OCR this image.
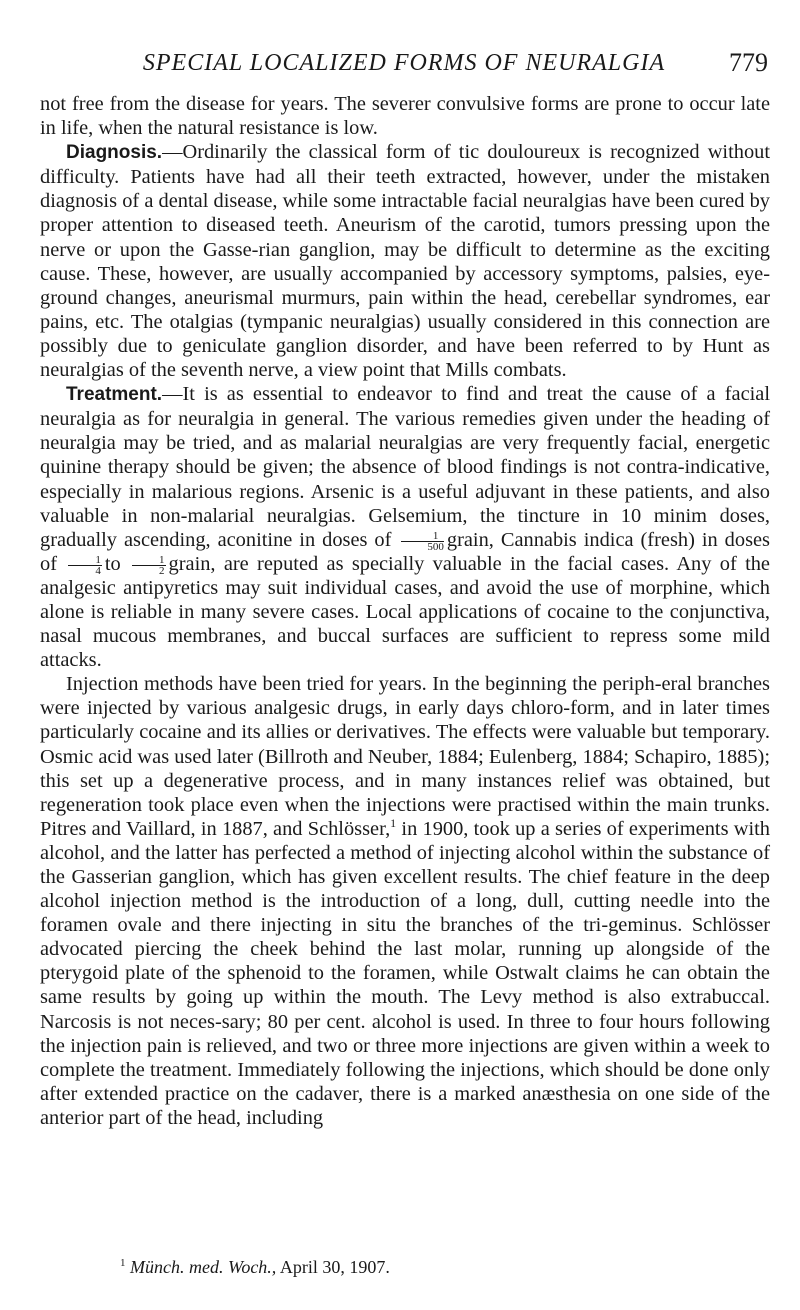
SPECIAL LOCALIZED FORMS OF NEURALGIA	779

not free from the disease for years. The severer convulsive forms are prone to occur late in life, when the natural resistance is low.

Diagnosis.—Ordinarily the classical form of tic douloureux is recognized without difficulty. Patients have had all their teeth extracted, however, under the mistaken diagnosis of a dental disease, while some intractable facial neuralgias have been cured by proper attention to diseased teeth. Aneurism of the carotid, tumors pressing upon the nerve or upon the Gasse-rian ganglion, may be difficult to determine as the exciting cause. These, however, are usually accompanied by accessory symptoms, palsies, eye-ground changes, aneurismal murmurs, pain within the head, cerebellar syndromes, ear pains, etc. The otalgias (tympanic neuralgias) usually considered in this connection are possibly due to geniculate ganglion disorder, and have been referred to by Hunt as neuralgias of the seventh nerve, a view point that Mills combats.

Treatment.—It is as essential to endeavor to find and treat the cause of a facial neuralgia as for neuralgia in general. The various remedies given under the heading of neuralgia may be tried, and as malarial neuralgias are very frequently facial, energetic quinine therapy should be given; the absence of blood findings is not contra-indicative, especially in malarious regions. Arsenic is a useful adjuvant in these patients, and also valuable in non-malarial neuralgias. Gelsemium, the tincture in 10 minim doses, gradually ascending, aconitine in doses of $\frac{1}{500}$ grain, Cannabis indica (fresh) in doses of $\frac{1}{4}$ to $\frac{1}{2}$ grain, are reputed as specially valuable in the facial cases. Any of the analgesic antipyretics may suit individual cases, and avoid the use of morphine, which alone is reliable in many severe cases. Local applications of cocaine to the conjunctiva, nasal mucous membranes, and buccal surfaces are sufficient to repress some mild attacks.

Injection methods have been tried for years. In the beginning the periph-eral branches were injected by various analgesic drugs, in early days chloro-form, and in later times particularly cocaine and its allies or derivatives. The effects were valuable but temporary. Osmic acid was used later (Billroth and Neuber, 1884; Eulenberg, 1884; Schapiro, 1885); this set up a degenerative process, and in many instances relief was obtained, but regeneration took place even when the injections were practised within the main trunks. Pitres and Vaillard, in 1887, and Schlösser,$^1$ in 1900, took up a series of experiments with alcohol, and the latter has perfected a method of injecting alcohol within the substance of the Gasserian ganglion, which has given excellent results. The chief feature in the deep alcohol injection method is the introduction of a long, dull, cutting needle into the foramen ovale and there injecting in situ the branches of the tri-geminus. Schlösser advocated piercing the cheek behind the last molar, running up alongside of the pterygoid plate of the sphenoid to the foramen, while Ostwalt claims he can obtain the same results by going up within the mouth. The Levy method is also extrabuccal. Narcosis is not neces-sary; 80 per cent. alcohol is used. In three to four hours following the injection pain is relieved, and two or three more injections are given within a week to complete the treatment. Immediately following the injections, which should be done only after extended practice on the cadaver, there is a marked anæsthesia on one side of the anterior part of the head, including

$^1$ Münch. med. Woch., April 30, 1907.
